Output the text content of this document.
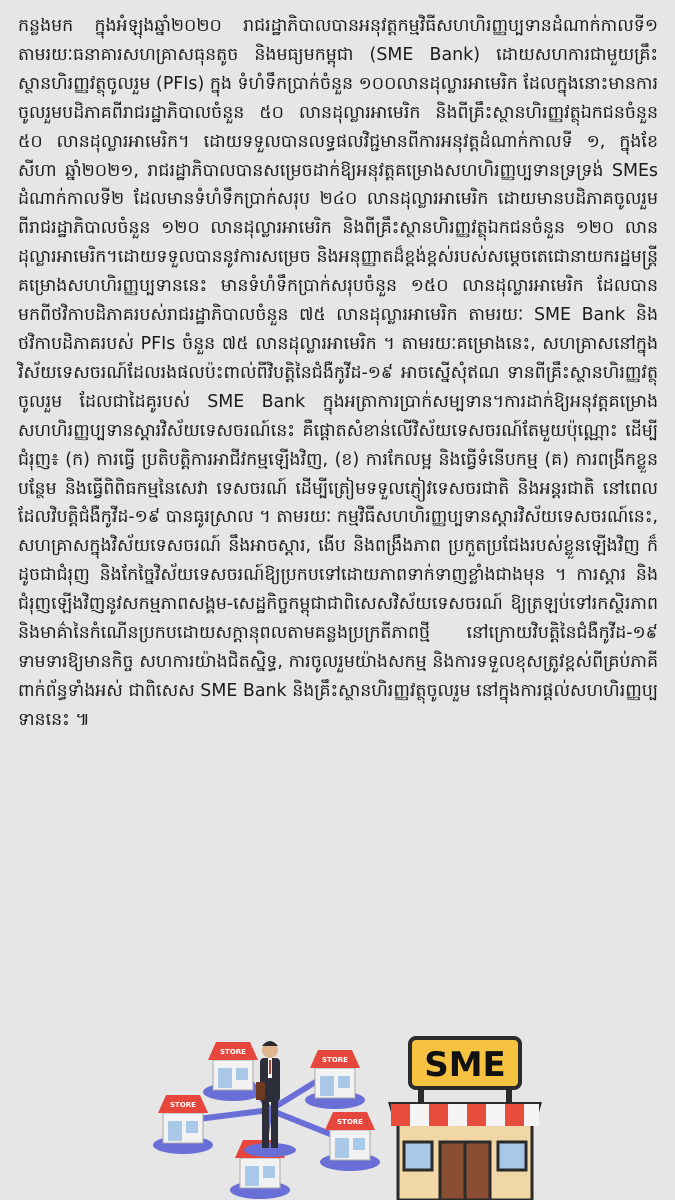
កន្លងមក ក្នុងអំឡុងឆ្នាំ២០២០ រាជរដ្ឋាភិបាលបានអនុវត្តកម្មវិធីសហហិរញ្ញប្បទានដំណាក់កាលទី១ តាមរយៈធនាគារសហគ្រាសធុនតូច និងមធ្យមកម្ពុជា (SME Bank) ដោយសហការជាមួយគ្រឹះស្ថានហិរញ្ញវត្ថុចូលរួម (PFIs) ក្នុង ទំហំទឹកប្រាក់ចំនួន ១០០លានដុល្លារអាមេរិក ដែលក្នុងនោះមានការចូលរួមបដិភាគពីរាជរដ្ឋាភិបាលចំនួន ៥០ លានដុល្លារអាមេរិក និងពីគ្រឹះស្ថានហិរញ្ញវត្ថុឯកជនចំនួន ៥០ លានដុល្លារអាមេរិក។ ដោយទទួលបានលទ្ធផលវិជ្ជមានពីការអនុវត្តដំណាក់កាលទី ១, ក្នុងខែសីហា ឆ្នាំ២០២១, រាជរដ្ឋាភិបាលបានសម្រេចដាក់ឱ្យអនុវត្តគម្រោងសហហិរញ្ញប្បទានទ្រទ្រង់ SMEs ដំណាក់កាលទី២ ដែលមានទំហំទឹកប្រាក់សរុប ២៤០ លានដុល្លារអាមេរិក ដោយមានបដិភាគចូលរួមពីរាជរដ្ឋាភិបាលចំនួន ១២០ លានដុល្លារអាមេរិក និងពីគ្រឹះស្ថានហិរញ្ញវត្ថុឯកជនចំនួន ១២០ លានដុល្លារអាមេរិក។ដោយទទួលបាននូវការសម្រេច និងអនុញ្ញាតដ៏ខ្ពង់ខ្ពស់របស់សម្តេចតេជោនាយករដ្ឋមន្ត្រី គម្រោងសហហិរញ្ញប្បទាននេះ មានទំហំទឹកប្រាក់សរុបចំនួន ១៥០ លានដុល្លារអាមេរិក ដែលបានមកពីថវិកាបដិភាគរបស់រាជរដ្ឋាភិបាលចំនួន ៧៥ លានដុល្លារអាមេរិក តាមរយៈ SME Bank និង ថវិកាបដិភាគរបស់ PFIs ចំនួន ៧៥ លានដុល្លារអាមេរិក ។ តាមរយៈគម្រោងនេះ, សហគ្រាសនៅក្នុងវិស័យទេសចរណ៍ដែលរងផលប៉ះពាល់ពីវិបត្តិនៃជំងឺកូវីដ-១៩ អាចស្នើសុំឥណ ទានពីគ្រឹះស្ថានហិរញ្ញវត្ថុចូលរួម ដែលជាដៃគូរបស់ SME Bank ក្នុងអត្រាការប្រាក់សម្បទាន។ការដាក់ឱ្យអនុវត្តគម្រោង សហហិរញ្ញប្បទានស្តារវិស័យទេសចរណ៍នេះ គឺផ្តោតសំខាន់លើវិស័យទេសចរណ៍តែមួយប៉ុណ្ណោះ ដើម្បីជំរុញ៖ (ក) ការធ្វើ ប្រតិបត្តិការអាជីវកម្មឡើងវិញ, (ខ) ការកែលម្អ និងធ្វើទំនើបកម្ម (គ) ការពង្រីកខ្លួនបន្ថែម និងធ្វើពិពិធកម្មនៃសេវា ទេសចរណ៍ ដើម្បីត្រៀមទទួលភ្ញៀវទេសចរជាតិ និងអន្តរជាតិ នៅពេលដែលវិបត្តិជំងឺកូវីដ-១៩ បានធូរស្រាល ។ តាមរយៈ កម្មវិធីសហហិរញ្ញប្បទានស្តារវិស័យទេសចរណ៍នេះ, សហគ្រាសក្នុងវិស័យទេសចរណ៍ នឹងអាចស្តារ, ងើប និងពង្រឹងភាព ប្រកួតប្រជែងរបស់ខ្លួនឡើងវិញ ក៏ដូចជាជំរុញ និងកែច្នៃវិស័យទេសចរណ៍ឱ្យប្រកបទៅដោយភាពទាក់ទាញខ្លាំងជាងមុន ។ ការស្តារ និងជំរុញឡើងវិញនូវសកម្មភាពសង្គម-សេដ្ឋកិច្ចកម្ពុជាជាពិសេសវិស័យទេសចរណ៍ ឱ្យត្រឡប់ទៅរកស្ថិរភាព និងមាគ៌ានៃកំណើនប្រកបដោយសក្តានុពលតាមគន្លងប្រក្រតីភាពថ្មី នៅក្រោយវិបត្តិនៃជំងឺកូវីដ-១៩ ទាមទារឱ្យមានកិច្ច សហការយ៉ាងជិតស្និទ្ធ, ការចូលរួមយ៉ាងសកម្ម និងការទទួលខុសត្រូវខ្ពស់ពីគ្រប់ភាគីពាក់ព័ន្ធទាំងអស់ ជាពិសេស SME Bank និងគ្រឹះស្ថានហិរញ្ញវត្ថុចូលរួម នៅក្នុងការផ្តល់សហហិរញ្ញប្បទាននេះ ៕

STORE
STORE
STORE
STORE
SME
